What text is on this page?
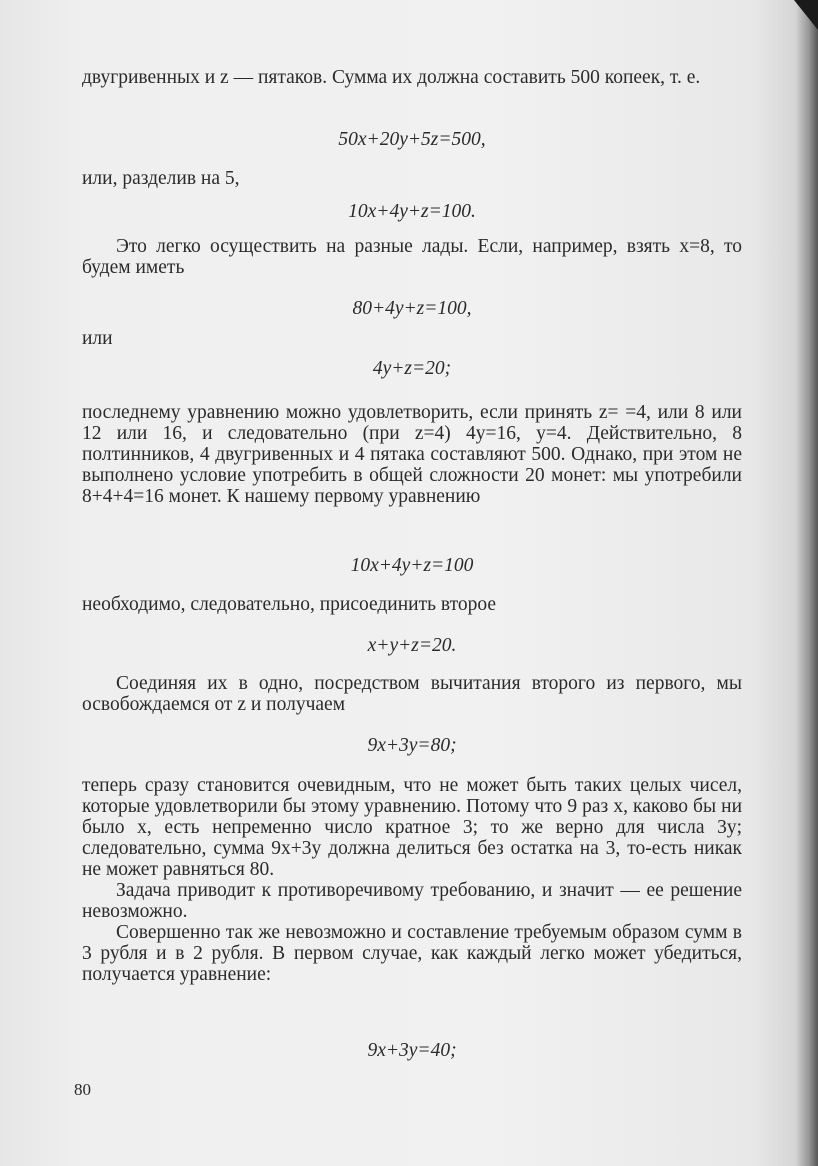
двугривенных и z — пятаков. Сумма их должна составить 500 копеек, т. е.

50x+20y+5z=500,

или, разделив на 5,

10x+4y+z=100.

Это легко осуществить на разные лады. Если, например, взять x=8, то будем иметь

80+4y+z=100,

или

4y+z=20;

последнему уравнению можно удовлетворить, если принять z= =4, или 8 или 12 или 16, и следовательно (при z=4) 4y=16, y=4. Действительно, 8 полтинников, 4 двугривенных и 4 пятака составляют 500. Однако, при этом не выполнено условие употребить в общей сложности 20 монет: мы употребили 8+4+4=16 монет. К нашему первому уравнению

10x+4y+z=100

необходимо, следовательно, присоединить второе

x+y+z=20.

Соединяя их в одно, посредством вычитания второго из первого, мы освобождаемся от z и получаем

9x+3y=80;

теперь сразу становится очевидным, что не может быть таких целых чисел, которые удовлетворили бы этому уравнению. Потому что 9 раз x, каково бы ни было x, есть непременно число кратное 3; то же верно для числа 3y; следовательно, сумма 9x+3y должна делиться без остатка на 3, то-есть никак не может равняться 80.

Задача приводит к противоречивому требованию, и значит — ее решение невозможно.

Совершенно так же невозможно и составление требуемым образом сумм в 3 рубля и в 2 рубля. В первом случае, как каждый легко может убедиться, получается уравнение:

9x+3y=40;
80
